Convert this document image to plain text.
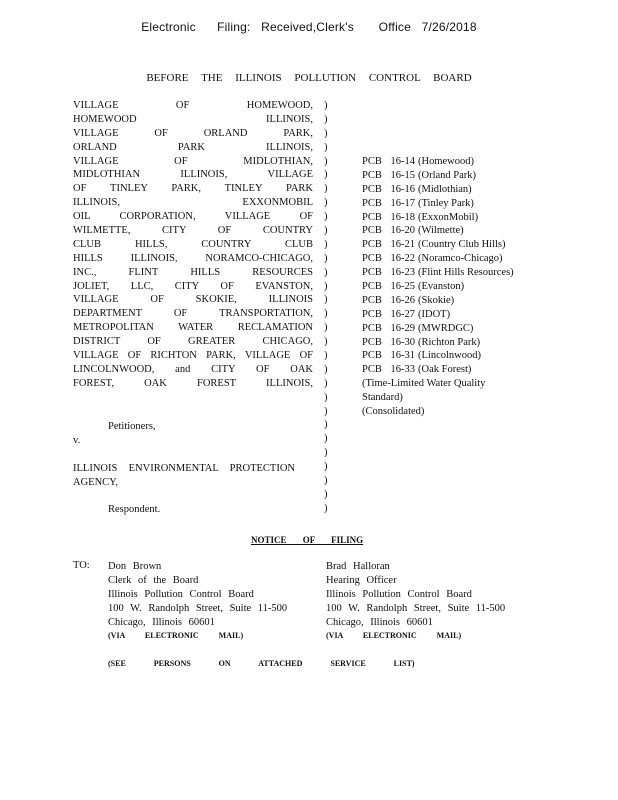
Electronic      Filing:   Received,Clerk's       Office   7/26/2018
BEFORE THE ILLINOIS POLLUTION CONTROL BOARD
VILLAGE OF HOMEWOOD,
HOMEWOOD ILLINOIS,
VILLAGE OF ORLAND PARK,
ORLAND PARK ILLINOIS,
VILLAGE OF MIDLOTHIAN,
MIDLOTHIAN ILLINOIS, VILLAGE
OF TINLEY PARK, TINLEY PARK
ILLINOIS, EXXONMOBIL
OIL CORPORATION, VILLAGE OF
WILMETTE, CITY OF COUNTRY
CLUB HILLS, COUNTRY CLUB
HILLS ILLINOIS, NORAMCO-CHICAGO,
INC., FLINT HILLS RESOURCES
JOLIET, LLC, CITY OF EVANSTON,
VILLAGE OF SKOKIE, ILLINOIS
DEPARTMENT OF TRANSPORTATION,
METROPOLITAN WATER RECLAMATION
DISTRICT OF GREATER CHICAGO,
VILLAGE OF RICHTON PARK, VILLAGE OF
LINCOLNWOOD, and CITY OF OAK
FOREST, OAK FOREST ILLINOIS,
)
)
)
)
)
)
)
)
)
)
)
)
)
)
)
)
)
)
)
)
)
)
)
)
)
)
)
)
)
)
PCB 16-14 (Homewood)
PCB 16-15 (Orland Park)
PCB 16-16 (Midlothian)
PCB 16-17 (Tinley Park)
PCB 16-18 (ExxonMobil)
PCB 16-20 (Wilmette)
PCB 16-21 (Country Club Hills)
PCB 16-22 (Noramco-Chicago)
PCB 16-23 (Flint Hills Resources)
PCB 16-25 (Evanston)
PCB 16-26 (Skokie)
PCB 16-27 (IDOT)
PCB 16-29 (MWRDGC)
PCB 16-30 (Richton Park)
PCB 16-31 (Lincolnwood)
PCB 16-33 (Oak Forest)
(Time-Limited Water Quality
Standard)
(Consolidated)
Petitioners,
v.
ILLINOIS ENVIRONMENTAL PROTECTION
AGENCY,
Respondent.
NOTICE OF FILING
TO: Don Brown
Clerk of the Board
Illinois Pollution Control Board
100 W. Randolph Street, Suite 11-500
Chicago, Illinois 60601
(VIA ELECTRONIC MAIL)
Brad Halloran
Hearing Officer
Illinois Pollution Control Board
100 W. Randolph Street, Suite 11-500
Chicago, Illinois 60601
(VIA ELECTRONIC MAIL)
(SEE PERSONS ON ATTACHED SERVICE LIST)
